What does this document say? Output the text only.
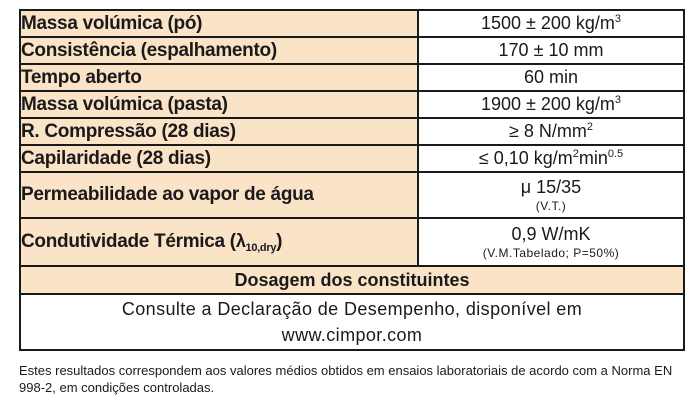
Massa volúmica (pó)	1500 ± 200 $kg/m^3$
Consistência (espalhamento)	170 ± 10 mm
Tempo aberto	60 min
Massa volúmica (pasta)	1900 ± 200 $kg/m^3$
R. Compressão (28 dias)	≥ 8 $N/mm^2$
Capilaridade (28 dias)	≤ 0,10 $kg/m^2\min^{0.5}$
Permeabilidade ao vapor de água	μ 15/35
(V.T.)

Condutividade Térmica $(\lambda_{10,dry})$	0,9 W/mK
(V.M.Tabelado; P=50%)

Dosagem dos constituintes	
Consulte a Declaração de Desempenho, disponível em
www.cimpor.com	
Estes resultados correspondem aos valores médios obtidos em ensaios laboratoriais de acordo com a Norma EN 998-2, em condições controladas.
